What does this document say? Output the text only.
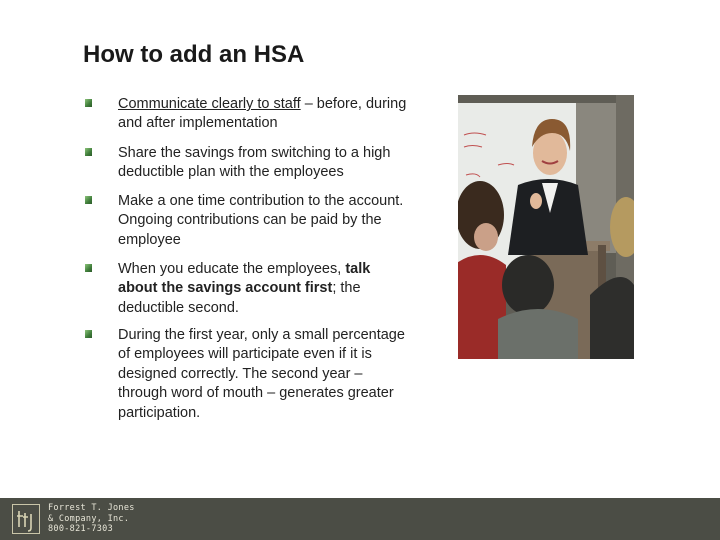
How to add an HSA
Communicate clearly to staff – before, during and after implementation
Share the savings from switching to a high deductible plan with the employees
Make a one time contribution to the account. Ongoing contributions can be paid by the employee
When you educate the employees, talk about the savings account first; the deductible second.
During the first year, only a small percentage of employees will participate even if it is designed correctly. The second year – through word of mouth – generates greater participation.
Forrest T. Jones
& Company, Inc.
800-821-7303
